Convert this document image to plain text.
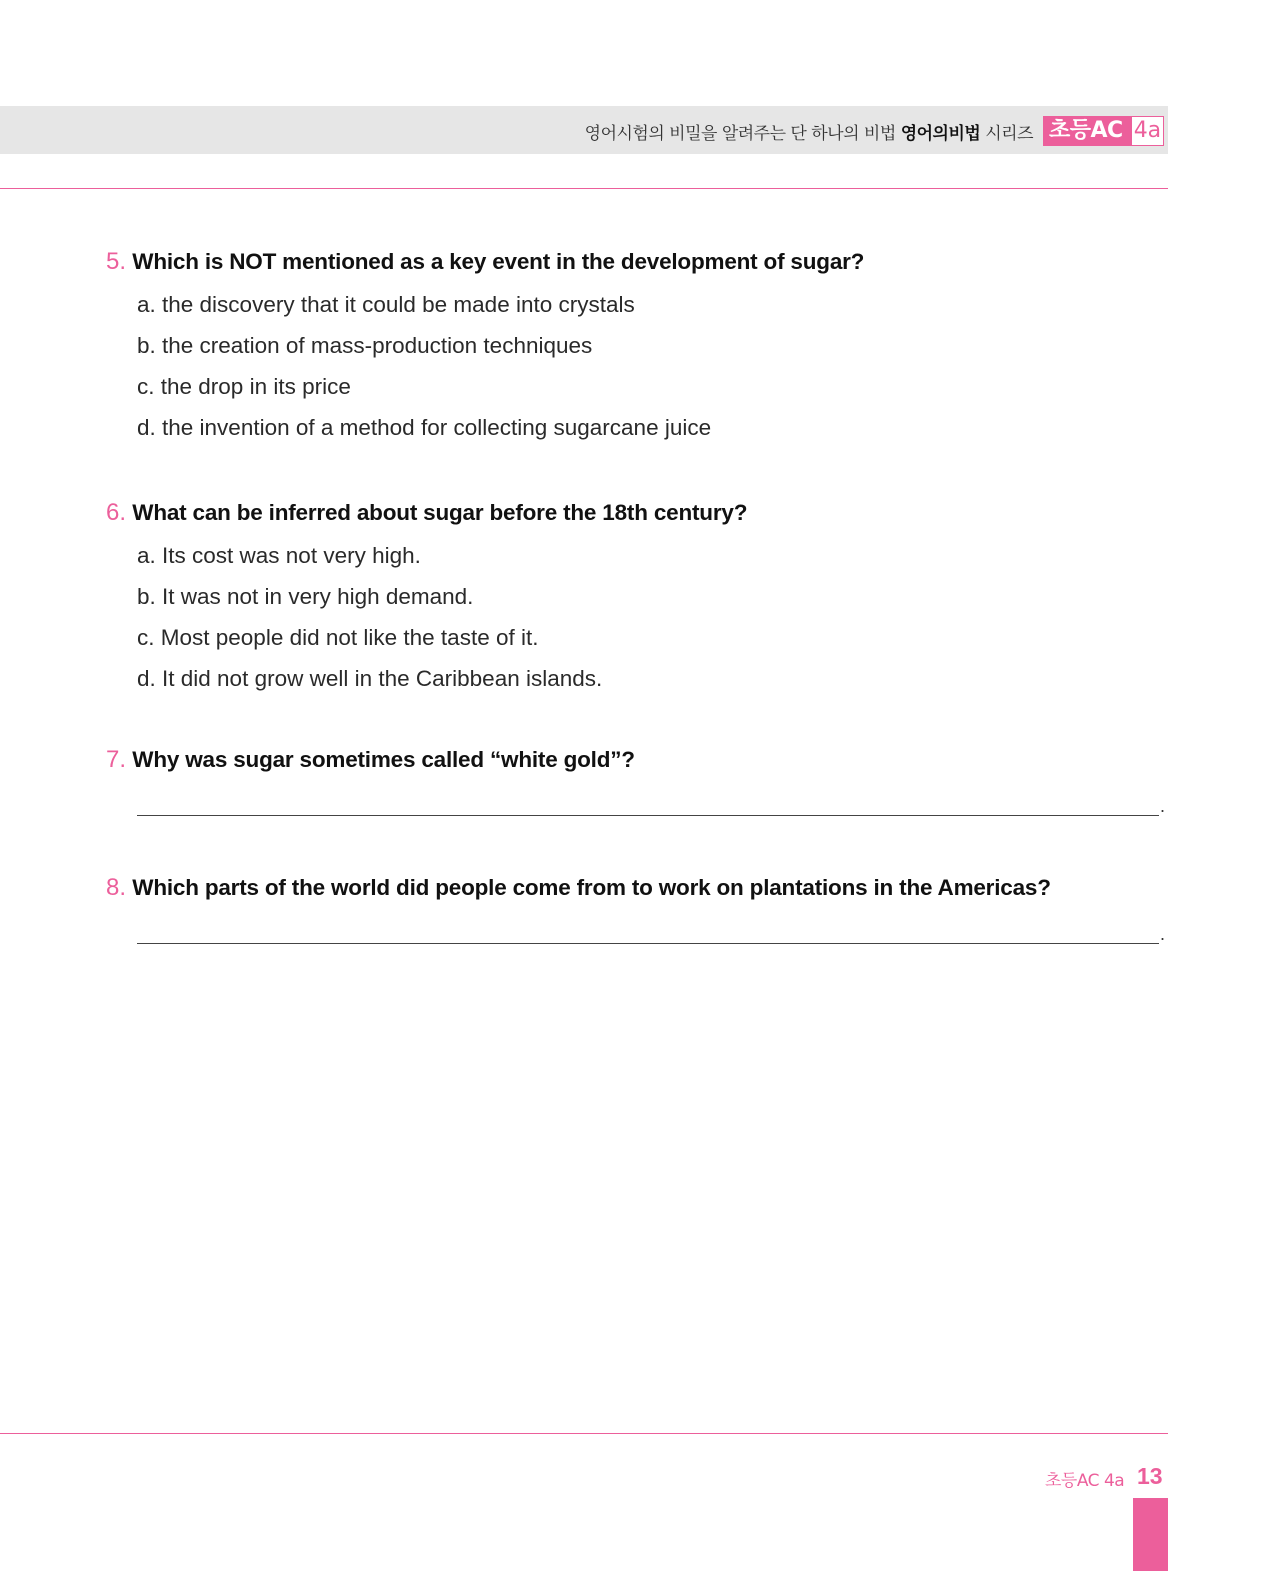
영어시험의 비밀을 알려주는 단 하나의 비법 영어의비법 시리즈 초등AC 4a
5. Which is NOT mentioned as a key event in the development of sugar?
a. the discovery that it could be made into crystals
b. the creation of mass-production techniques
c. the drop in its price
d. the invention of a method for collecting sugarcane juice
6. What can be inferred about sugar before the 18th century?
a. Its cost was not very high.
b. It was not in very high demand.
c. Most people did not like the taste of it.
d. It did not grow well in the Caribbean islands.
7. Why was sugar sometimes called “white gold”?
.
8. Which parts of the world did people come from to work on plantations in the Americas?
.
초등AC 4a 13
